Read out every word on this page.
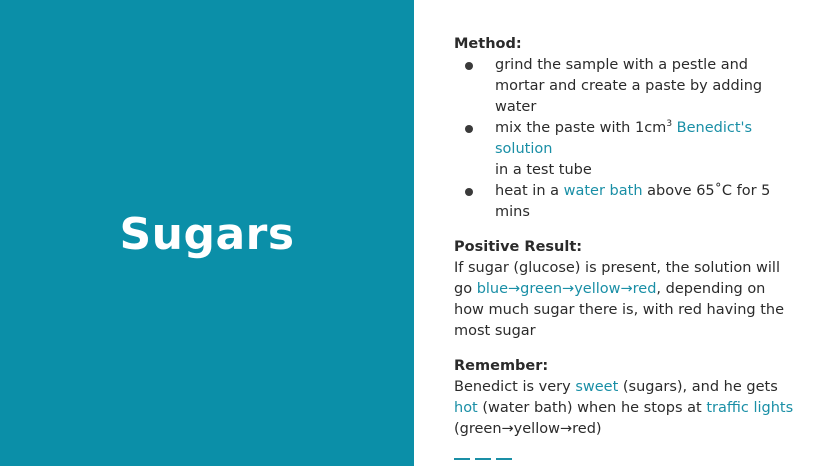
Sugars

Method:

grind the sample with a pestle and mortar and create a paste by adding water
mix the paste with $1cm^3$ Benedict's solution
in a test tube
heat in a water bath above 65˚C for 5 mins

Positive Result:

If sugar (glucose) is present, the solution will go blue→green→yellow→red, depending on how much sugar there is, with red having the most sugar

Remember:

Benedict is very sweet (sugars), and he gets hot (water bath) when he stops at traffic lights (green→yellow→red)
